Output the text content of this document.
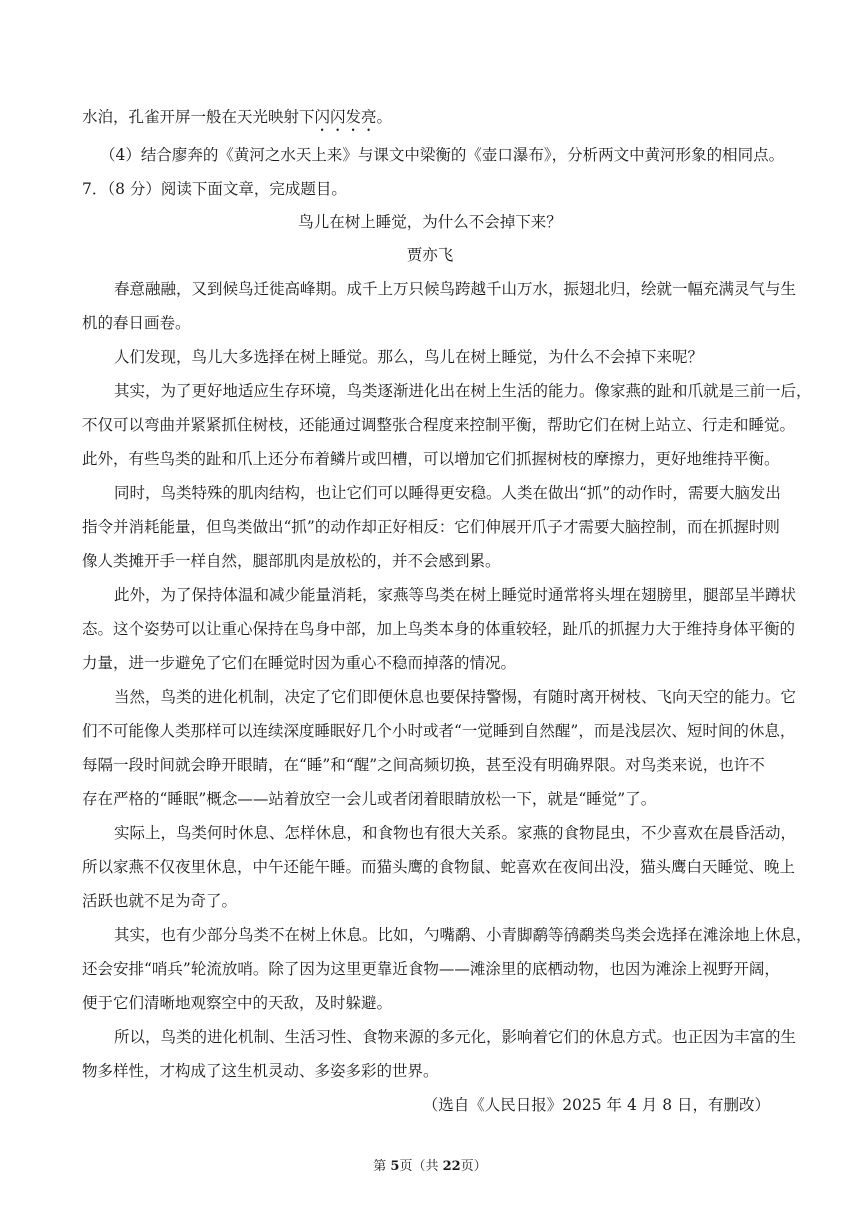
水泊，孔雀开屏一般在天光映射下闪闪发亮。
（4）结合廖奔的《黄河之水天上来》与课文中梁衡的《壶口瀑布》，分析两文中黄河形象的相同点。
7．（8 分）阅读下面文章，完成题目。
鸟儿在树上睡觉，为什么不会掉下来？
贾亦飞
春意融融，又到候鸟迁徙高峰期。成千上万只候鸟跨越千山万水，振翅北归，绘就一幅充满灵气与生
机的春日画卷。
人们发现，鸟儿大多选择在树上睡觉。那么，鸟儿在树上睡觉，为什么不会掉下来呢？
其实，为了更好地适应生存环境，鸟类逐渐进化出在树上生活的能力。像家燕的趾和爪就是三前一后，
不仅可以弯曲并紧紧抓住树枝，还能通过调整张合程度来控制平衡，帮助它们在树上站立、行走和睡觉。
此外，有些鸟类的趾和爪上还分布着鳞片或凹槽，可以增加它们抓握树枝的摩擦力，更好地维持平衡。
同时，鸟类特殊的肌肉结构，也让它们可以睡得更安稳。人类在做出“抓”的动作时，需要大脑发出
指令并消耗能量，但鸟类做出“抓”的动作却正好相反：它们伸展开爪子才需要大脑控制，而在抓握时则
像人类摊开手一样自然，腿部肌肉是放松的，并不会感到累。
此外，为了保持体温和减少能量消耗，家燕等鸟类在树上睡觉时通常将头埋在翅膀里，腿部呈半蹲状
态。这个姿势可以让重心保持在鸟身中部，加上鸟类本身的体重较轻，趾爪的抓握力大于维持身体平衡的
力量，进一步避免了它们在睡觉时因为重心不稳而掉落的情况。
当然，鸟类的进化机制，决定了它们即便休息也要保持警惕，有随时离开树枝、飞向天空的能力。它
们不可能像人类那样可以连续深度睡眠好几个小时或者“一觉睡到自然醒”，而是浅层次、短时间的休息，
每隔一段时间就会睁开眼睛，在“睡”和“醒”之间高频切换，甚至没有明确界限。对鸟类来说，也许不
存在严格的“睡眠”概念——站着放空一会儿或者闭着眼睛放松一下，就是“睡觉”了。
实际上，鸟类何时休息、怎样休息，和食物也有很大关系。家燕的食物昆虫，不少喜欢在晨昏活动，
所以家燕不仅夜里休息，中午还能午睡。而猫头鹰的食物鼠、蛇喜欢在夜间出没，猫头鹰白天睡觉、晚上
活跃也就不足为奇了。
其实，也有少部分鸟类不在树上休息。比如，勺嘴鹬、小青脚鹬等鸻鹬类鸟类会选择在滩涂地上休息，
还会安排“哨兵”轮流放哨。除了因为这里更靠近食物——滩涂里的底栖动物，也因为滩涂上视野开阔，
便于它们清晰地观察空中的天敌，及时躲避。
所以，鸟类的进化机制、生活习性、食物来源的多元化，影响着它们的休息方式。也正因为丰富的生
物多样性，才构成了这生机灵动、多姿多彩的世界。
（选自《人民日报》2025 年 4 月 8 日，有删改）
第 5页（共 22页）
